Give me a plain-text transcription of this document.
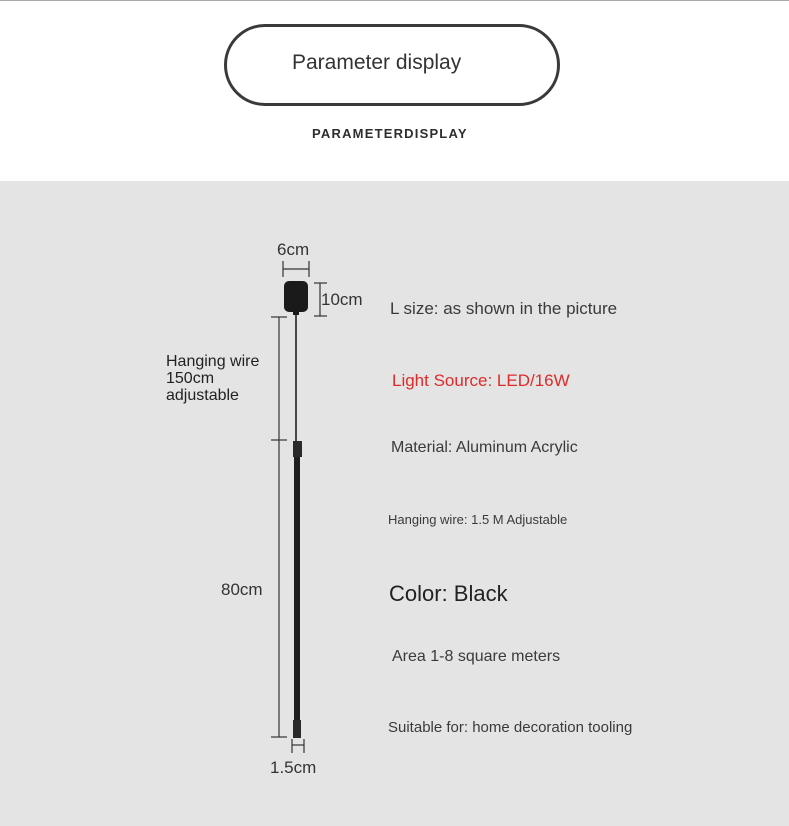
Parameter display
PARAMETERDISPLAY
6cm
10cm
80cm
1.5cm
Hanging wire
150cm
adjustable
L size: as shown in the picture
Light Source: LED/16W
Material: Aluminum Acrylic
Hanging wire: 1.5 M Adjustable
Color: Black
Area 1-8 square meters
Suitable for: home decoration tooling
